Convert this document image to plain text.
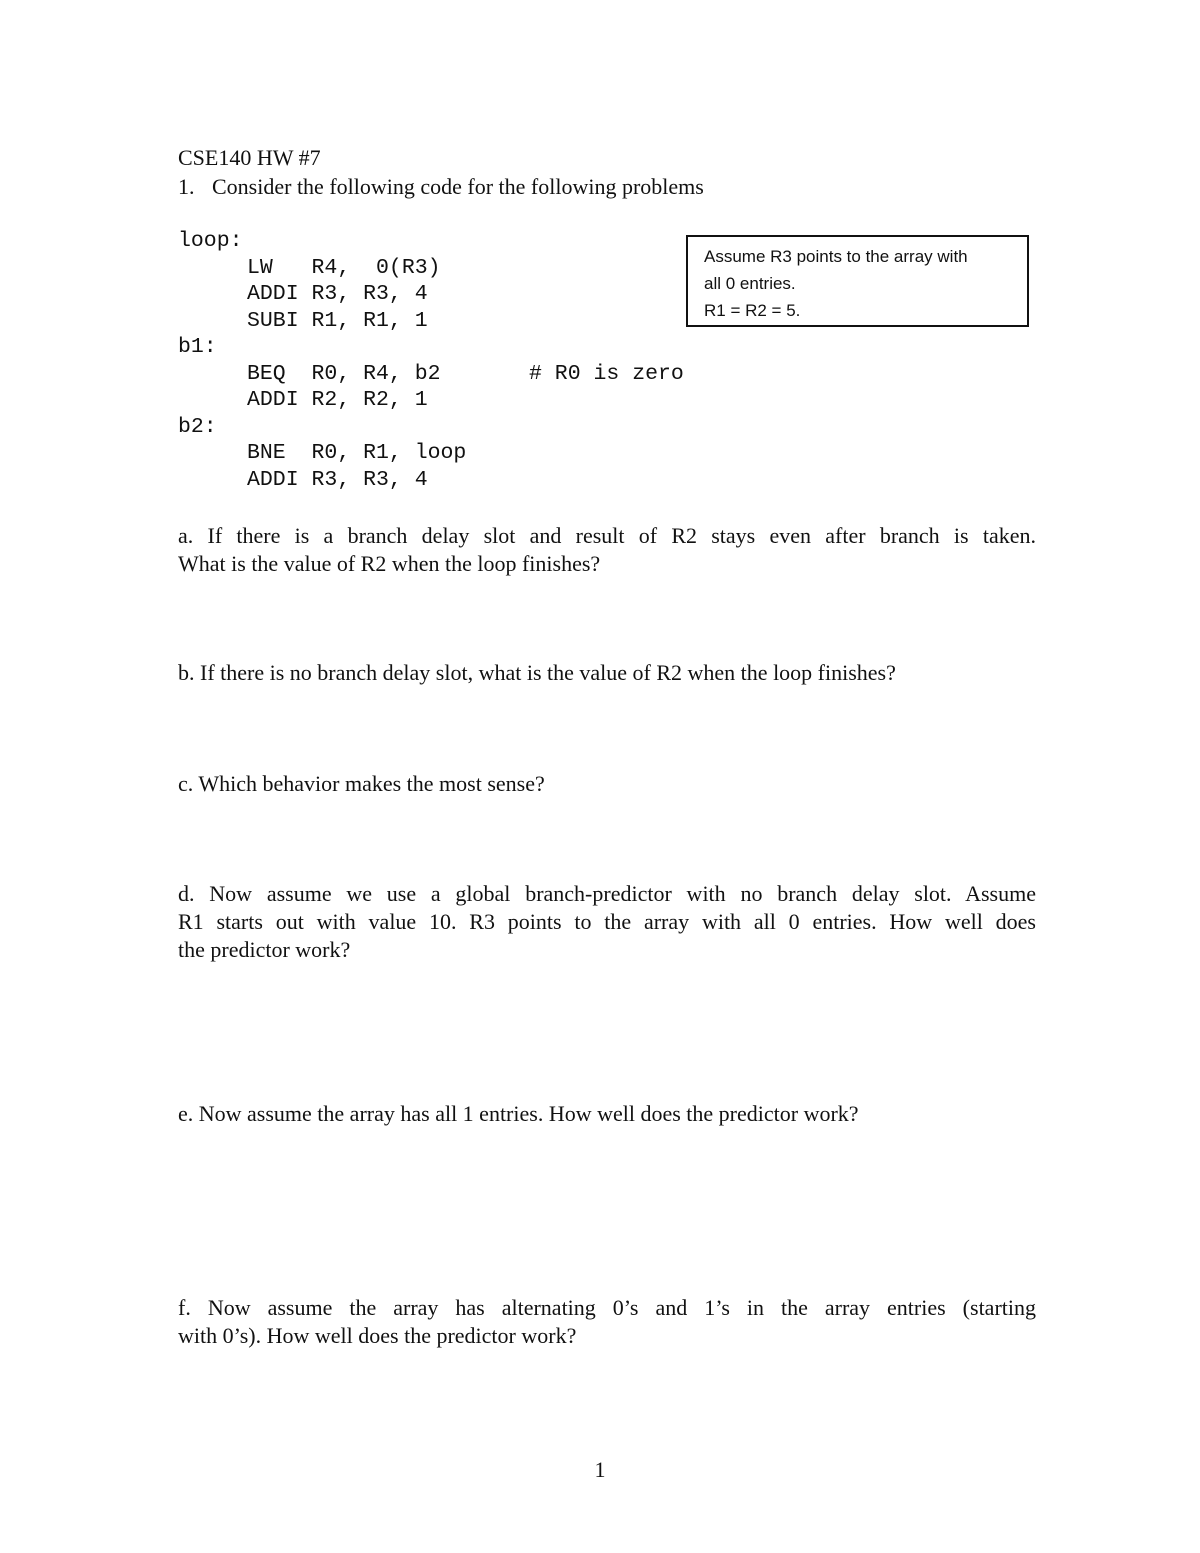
CSE140 HW #7
1. Consider the following code for the following problems
loop:
LW   R4,  0(R3)
ADDI R3, R3, 4
SUBI R1, R1, 1
b1:
BEQ  R0, R4, b2	# R0 is zero
ADDI R2, R2, 1
b2:
BNE  R0, R1, loop
ADDI R3, R3, 4
Assume R3 points to the array with
all 0 entries.
R1 = R2 = 5.
a. If there is a branch delay slot and result of R2 stays even after branch is taken.
What is the value of R2 when the loop finishes?
b. If there is no branch delay slot, what is the value of R2 when the loop finishes?
c. Which behavior makes the most sense?
d. Now assume we use a global branch-predictor with no branch delay slot. Assume
R1 starts out with value 10. R3 points to the array with all 0 entries. How well does
the predictor work?
e. Now assume the array has all 1 entries. How well does the predictor work?
f. Now assume the array has alternating 0’s and 1’s in the array entries (starting
with 0’s). How well does the predictor work?
1
